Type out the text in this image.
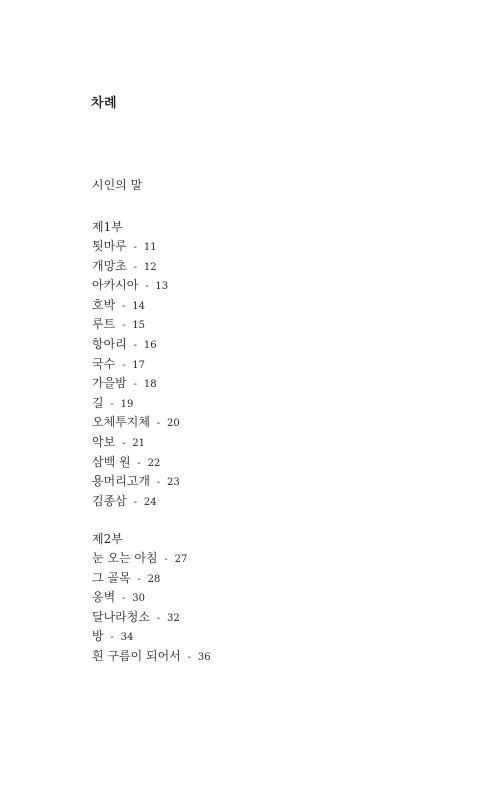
차례
시인의 말
제1부
툇마루 - 11
개망초 - 12
아카시아 - 13
호박 - 14
루트 - 15
항아리 - 16
국수 - 17
가을밤 - 18
길 - 19
오체투지체 - 20
악보 - 21
삼백 원 - 22
용머리고개 - 23
김종삼 - 24
제2부
눈 오는 아침 - 27
그 골목 - 28
옹벽 - 30
달나라청소 - 32
방 - 34
흰 구름이 되어서 - 36
